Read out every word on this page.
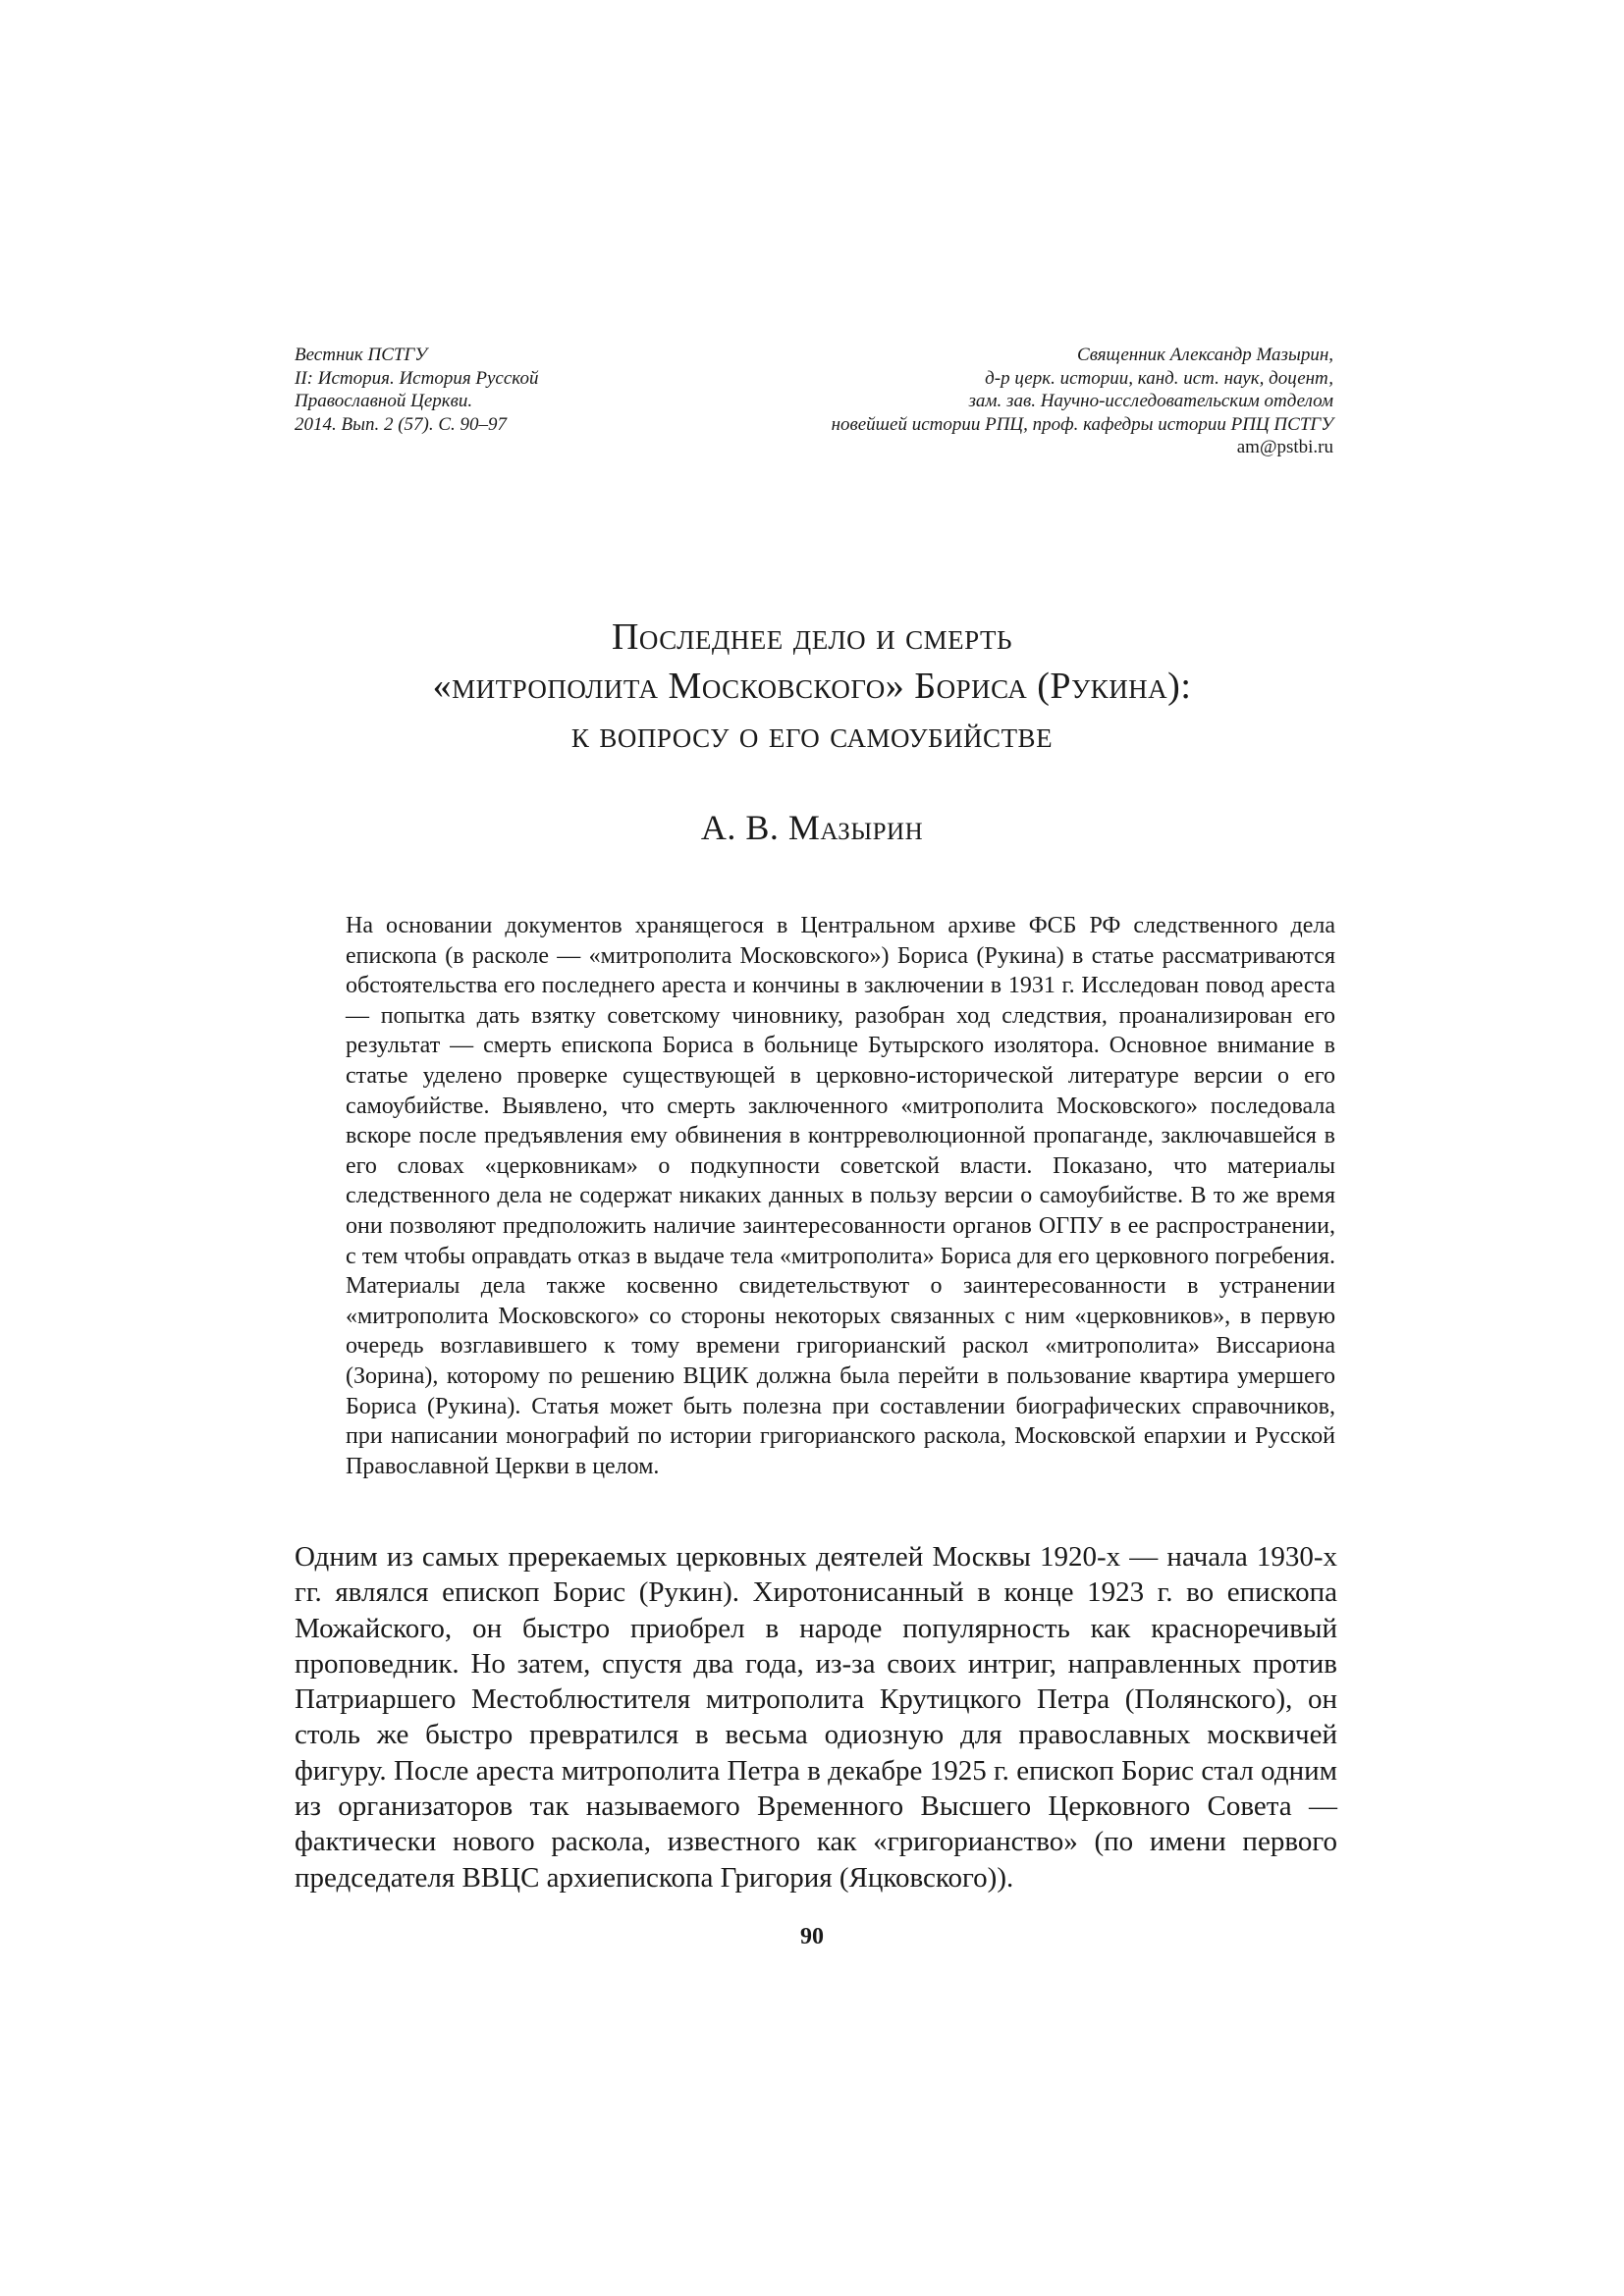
Вестник ПСТГУ
II: История. История Русской
Православной Церкви.
2014. Вып. 2 (57). С. 90–97
Священник Александр Мазырин,
д-р церк. истории, канд. ист. наук, доцент,
зам. зав. Научно-исследовательским отделом
новейшей истории РПЦ, проф. кафедры истории РПЦ ПСТГУ
am@pstbi.ru
Последнее дело и смерть
«митрополита Московского» Бориса (Рукина):
к вопросу о его самоубийстве
А. В. Мазырин
На основании документов хранящегося в Центральном архиве ФСБ РФ следственного дела епископа (в расколе — «митрополита Московского») Бориса (Рукина) в статье рассматриваются обстоятельства его последнего ареста и кончины в заключении в 1931 г. Исследован повод ареста — попытка дать взятку советскому чиновнику, разобран ход следствия, проанализирован его результат — смерть епископа Бориса в больнице Бутырского изолятора. Основное внимание в статье уделено проверке существующей в церковно-исторической литературе версии о его самоубийстве. Выявлено, что смерть заключенного «митрополита Московского» последовала вскоре после предъявления ему обвинения в контрреволюционной пропаганде, заключавшейся в его словах «церковникам» о подкупности советской власти. Показано, что материалы следственного дела не содержат никаких данных в пользу версии о самоубийстве. В то же время они позволяют предположить наличие заинтересованности органов ОГПУ в ее распространении, с тем чтобы оправдать отказ в выдаче тела «митрополита» Бориса для его церковного погребения. Материалы дела также косвенно свидетельствуют о заинтересованности в устранении «митрополита Московского» со стороны некоторых связанных с ним «церковников», в первую очередь возглавившего к тому времени григорианский раскол «митрополита» Виссариона (Зорина), которому по решению ВЦИК должна была перейти в пользование квартира умершего Бориса (Рукина). Статья может быть полезна при составлении биографических справочников, при написании монографий по истории григорианского раскола, Московской епархии и Русской Православной Церкви в целом.
Одним из самых пререкаемых церковных деятелей Москвы 1920-х — начала 1930-х гг. являлся епископ Борис (Рукин). Хиротонисанный в конце 1923 г. во епископа Можайского, он быстро приобрел в народе популярность как красноречивый проповедник. Но затем, спустя два года, из-за своих интриг, направленных против Патриаршего Местоблюстителя митрополита Крутицкого Петра (Полянского), он столь же быстро превратился в весьма одиозную для православных москвичей фигуру. После ареста митрополита Петра в декабре 1925 г. епископ Борис стал одним из организаторов так называемого Временного Высшего Церковного Совета — фактически нового раскола, известного как «григорианство» (по имени первого председателя ВВЦС архиепископа Григория (Яцковского)).
90
